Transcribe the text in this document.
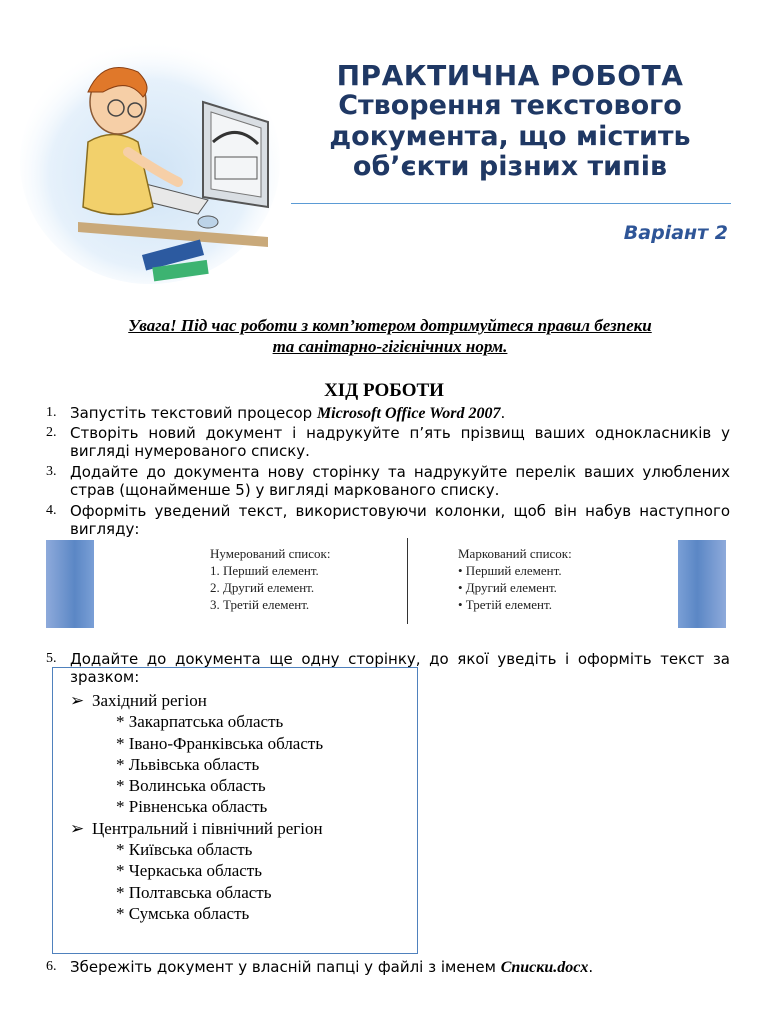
ПРАКТИЧНА РОБОТА
Створення текстового документа, що містить об’єкти різних типів
Варіант 2
Увага! Під час роботи з комп’ютером дотримуйтеся правил безпеки
та санітарно-гігієнічних норм.
ХІД РОБОТИ
1. Запустіть текстовий процесор Microsoft Office Word 2007.
2. Створіть новий документ і надрукуйте п’ять прізвищ ваших однокласників у вигляді нумерованого списку.
3. Додайте до документа нову сторінку та надрукуйте перелік ваших улюблених страв (щонайменше 5) у вигляді маркованого списку.
4. Оформіть уведений текст, використовуючи колонки, щоб він набув наступного вигляду:
Нумерований список:
1. Перший елемент.
2. Другий елемент.
3. Третій елемент.
Маркований список:
• Перший елемент.
• Другий елемент.
• Третій елемент.
5. Додайте до документа ще одну сторінку, до якої уведіть і оформіть текст за зразком:
➢ Західний регіон
* Закарпатська область
* Івано-Франківська область
* Львівська область
* Волинська область
* Рівненська область
➢ Центральний і північний регіон
* Київська область
* Черкаська область
* Полтавська область
* Сумська область
6. Збережіть документ у власній папці у файлі з іменем Списки.docx.
